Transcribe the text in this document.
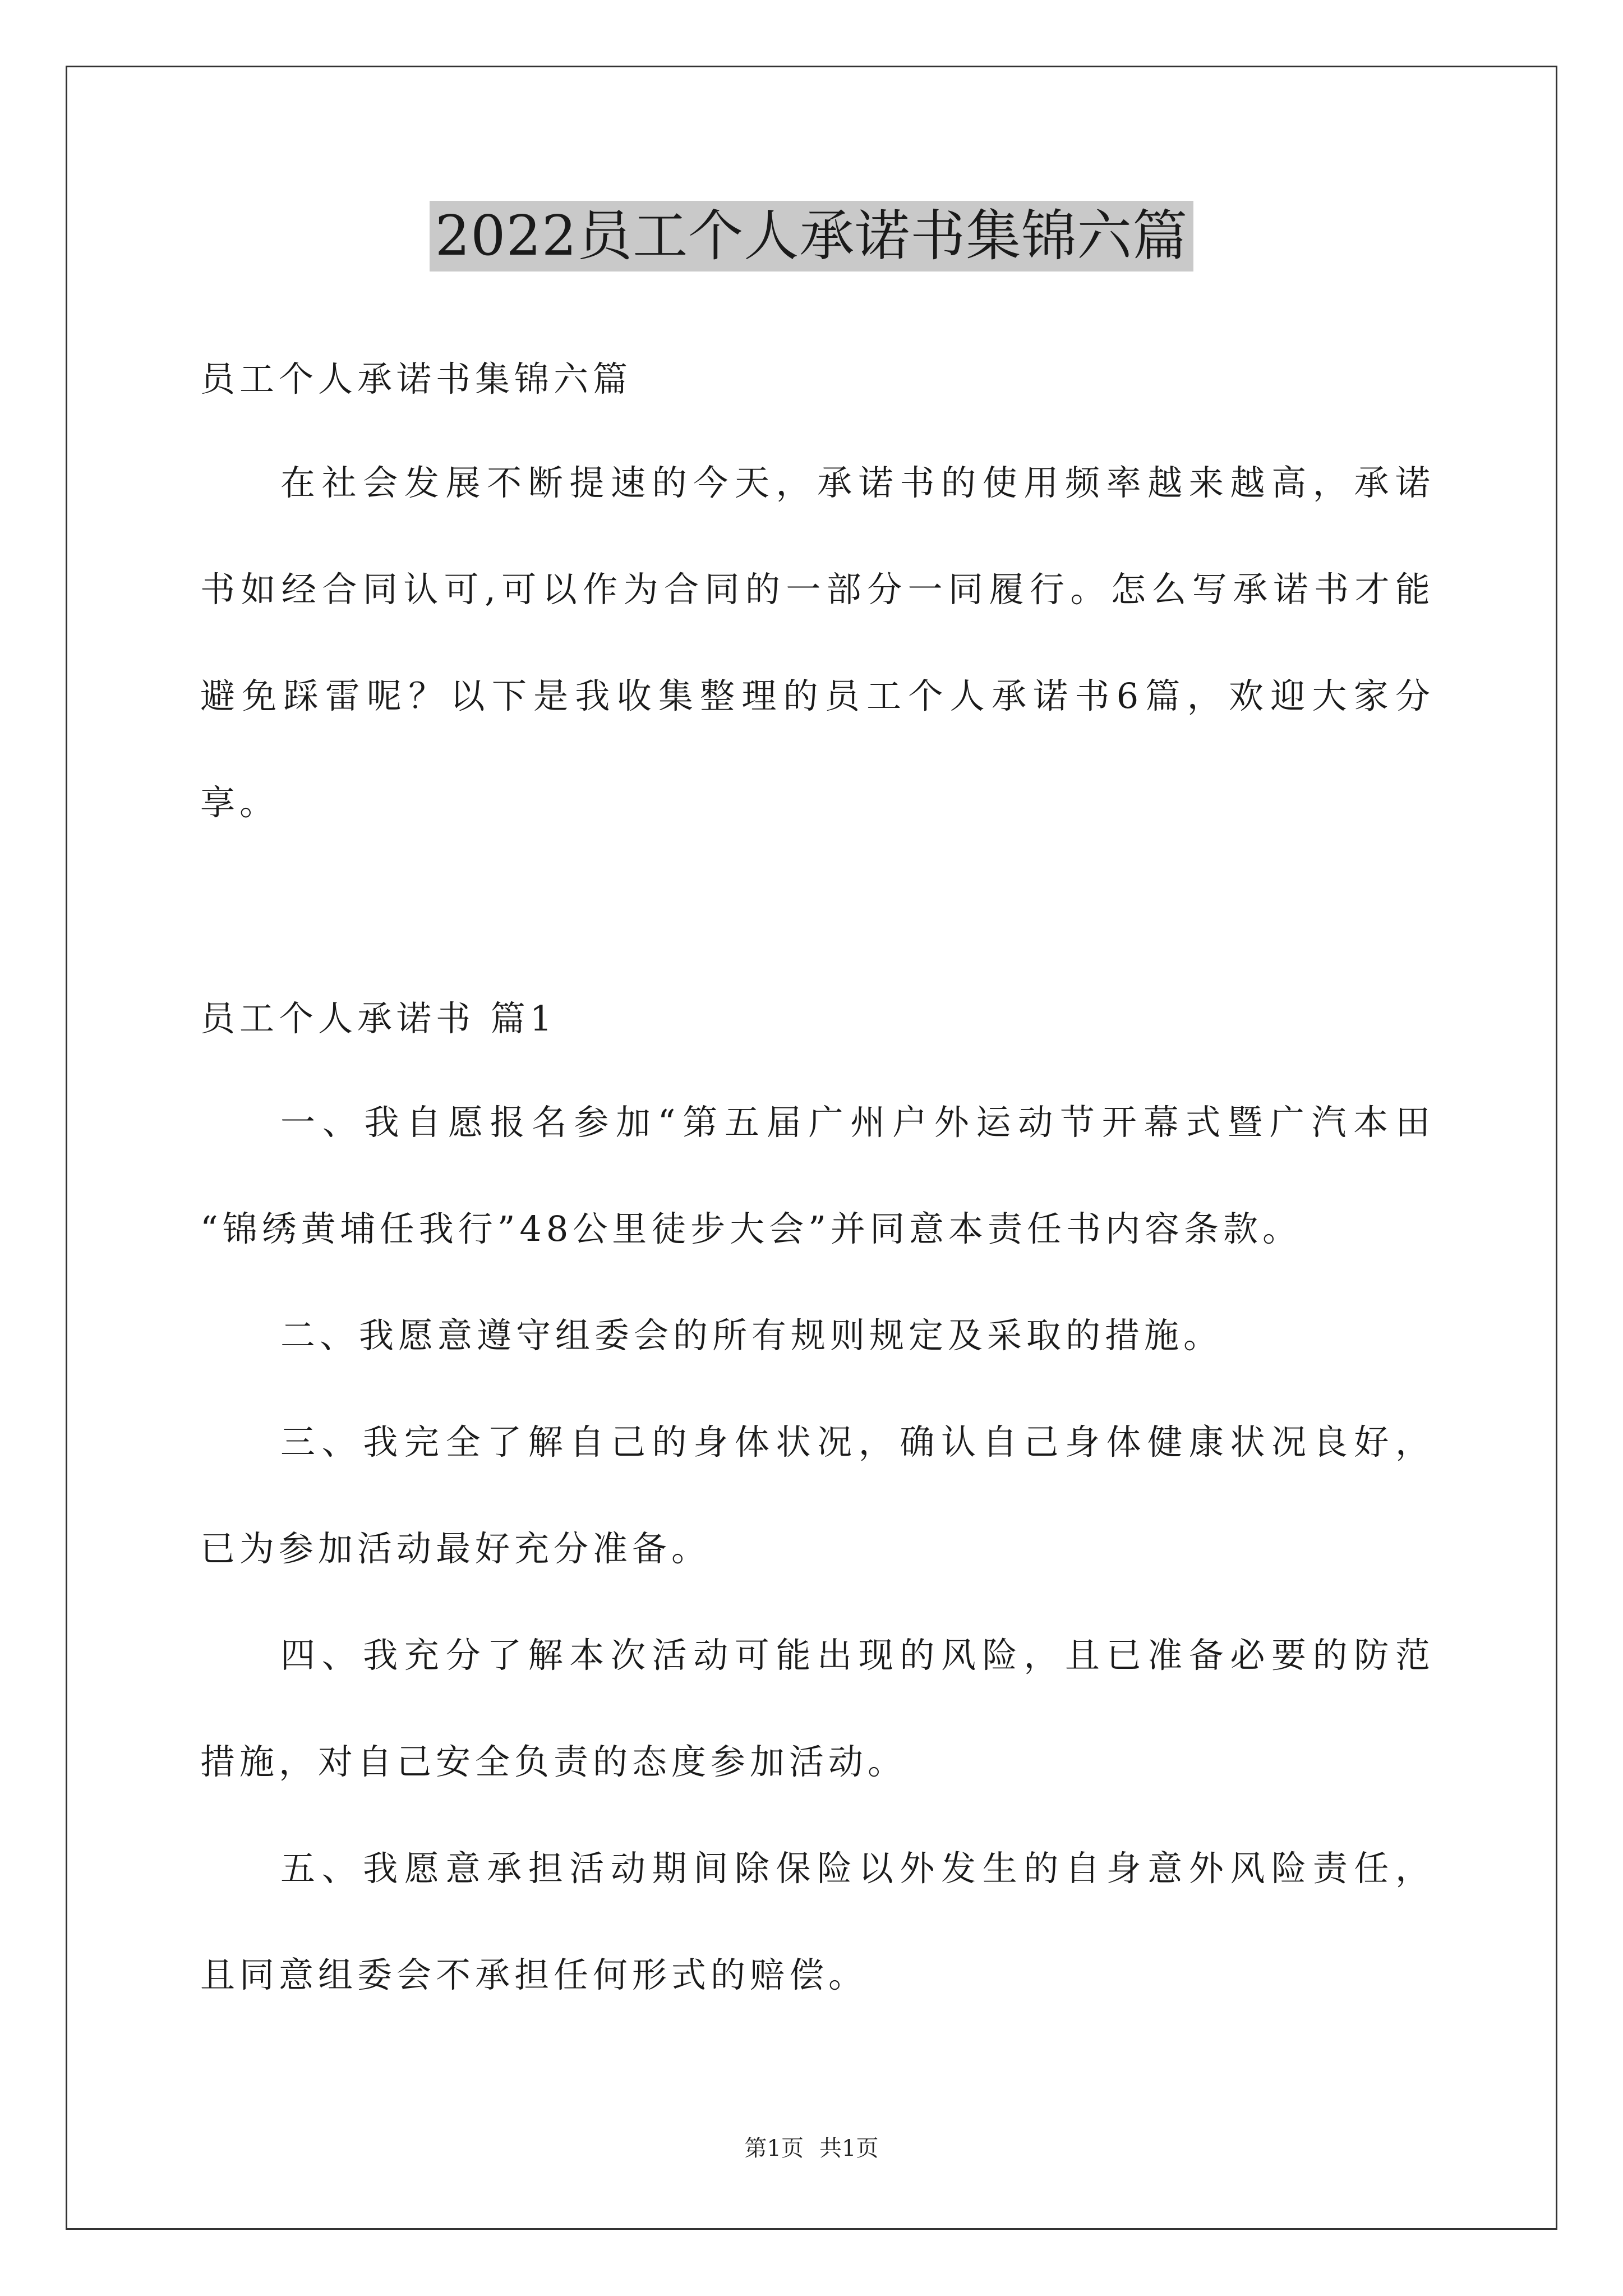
2022员工个人承诺书集锦六篇
员工个人承诺书集锦六篇
在社会发展不断提速的今天，承诺书的使用频率越来越高，承诺
书如经合同认可,可以作为合同的一部分一同履行。怎么写承诺书才能
避免踩雷呢？以下是我收集整理的员工个人承诺书6篇，欢迎大家分
享。
员工个人承诺书 篇1
一、我自愿报名参加“第五届广州户外运动节开幕式暨广汽本田
“锦绣黄埔任我行”48公里徒步大会”并同意本责任书内容条款。
二、我愿意遵守组委会的所有规则规定及采取的措施。
三、我完全了解自己的身体状况，确认自己身体健康状况良好，
已为参加活动最好充分准备。
四、我充分了解本次活动可能出现的风险，且已准备必要的防范
措施，对自己安全负责的态度参加活动。
五、我愿意承担活动期间除保险以外发生的自身意外风险责任，
且同意组委会不承担任何形式的赔偿。
第1页 共1页
